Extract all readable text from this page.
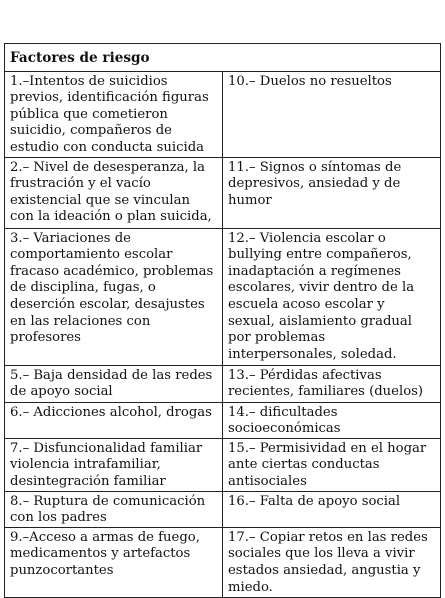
Factores de riesgo	
1.–Intentos de suicidios previos, identificación figuras pública que cometieron suicidio, compañeros de estudio con conducta suicida	10.– Duelos no resueltos
2.– Nivel de desesperanza, la frustración y el vacío existencial que se vinculan con la ideación o plan suicida,	11.– Signos o síntomas de depresivos, ansiedad y de humor
3.– Variaciones de comportamiento escolar fracaso académico, problemas de disciplina, fugas, o deserción escolar, desajustes en las relaciones con profesores	12.– Violencia escolar o bullying entre compañeros, inadaptación a regímenes escolares, vivir dentro de la escuela acoso escolar y sexual, aislamiento gradual por problemas interpersonales, soledad.
5.– Baja densidad de las redes de apoyo social	13.– Pérdidas afectivas recientes, familiares (duelos)
6.– Adicciones alcohol, drogas	14.– dificultades socioeconómicas
7.– Disfuncionalidad familiar violencia intrafamiliar, desintegración familiar	15.– Permisividad en el hogar ante ciertas conductas antisociales
8.– Ruptura de comunicación con los padres	16.– Falta de apoyo social
9.–Acceso a armas de fuego, medicamentos y artefactos punzocortantes	17.– Copiar retos en las redes sociales que los lleva a vivir estados ansiedad, angustia y miedo.
